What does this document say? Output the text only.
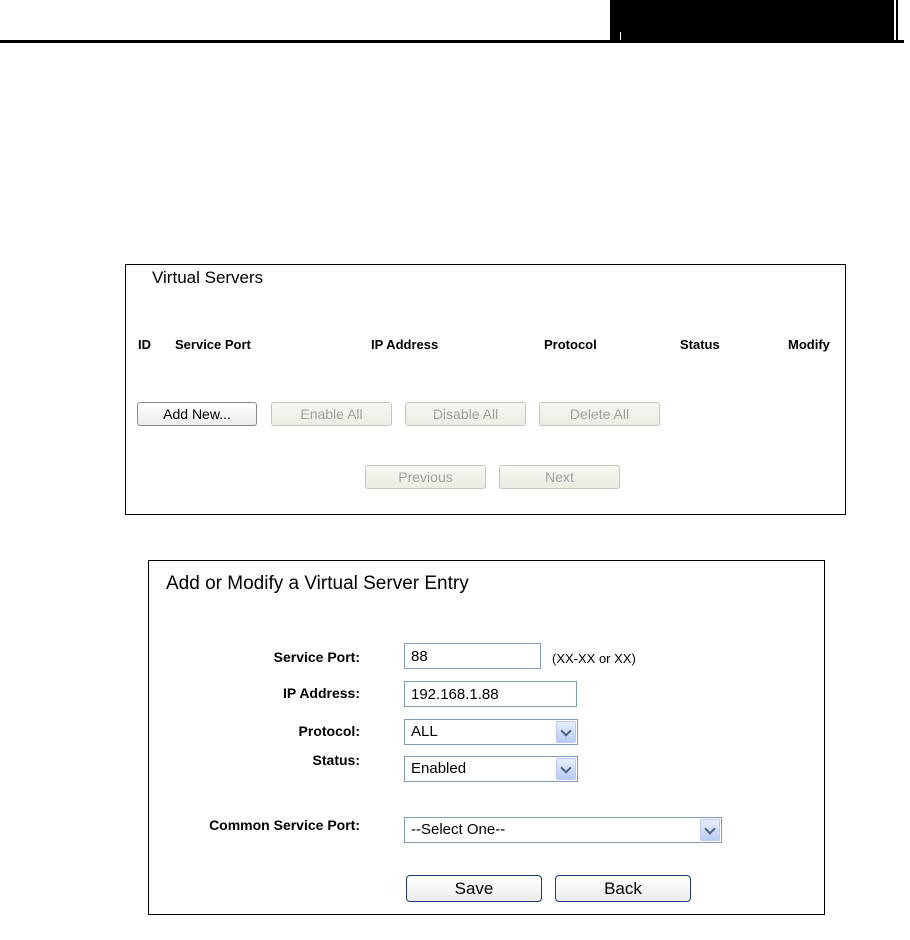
Virtual Servers
ID Service Port	IP Address	Protocol	Status	Modify
Add New...	Enable All	Disable All	Delete All
Previous	Next
Add or Modify a Virtual Server Entry
Service Port:
88	(XX-XX or XX)
IP Address:
192.168.1.88
Protocol:	ALL
Status:	Enabled
Common Service Port:	--Select One--
Save	Back
